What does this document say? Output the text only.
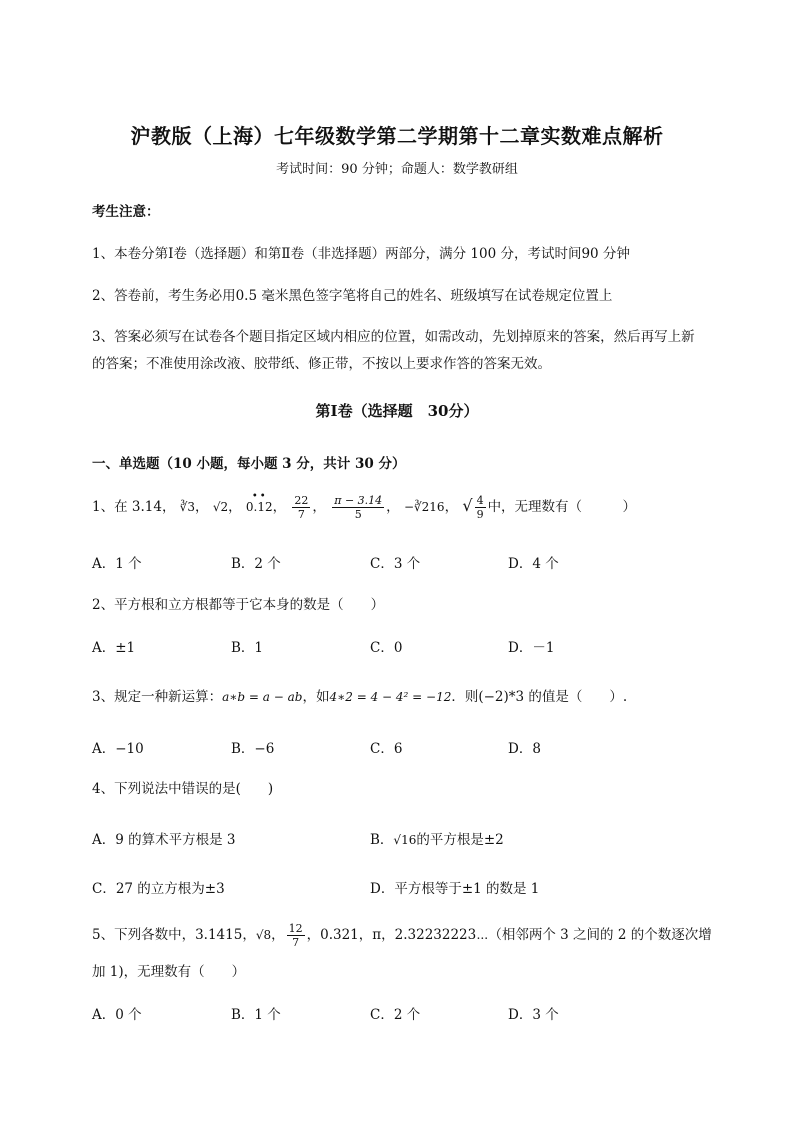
沪教版（上海）七年级数学第二学期第十二章实数难点解析
考试时间：90 分钟；命题人：数学教研组
考生注意：
1、本卷分第Ⅰ卷（选择题）和第Ⅱ卷（非选择题）两部分，满分 100 分，考试时间90 分钟
2、答卷前，考生务必用0.5 毫米黑色签字笔将自己的姓名、班级填写在试卷规定位置上
3、答案必须写在试卷各个题目指定区域内相应的位置，如需改动，先划掉原来的答案，然后再写上新
的答案；不准使用涂改液、胶带纸、修正带，不按以上要求作答的答案无效。
第Ⅰ卷（选择题　30分）
一、单选题（10 小题，每小题 3 分，共计 30 分）
1、在 3.14， ∛3， √2，
••
0.12， $\frac{22}{7}$ ， $\frac{\pi - 3.14}{5}$ ， −∛216， √ $\frac{4}{9}$ 中，无理数有（　　　）
A．1 个	B．2 个	C．3 个	D．4 个
2、平方根和立方根都等于它本身的数是（　　）
A．±1	B．1	C．0	D．－1
3、规定一种新运算：a∗b = a − ab，如4∗2 = 4 − 4² = −12．则(−2)*3 的值是（　　）.
A．−10	B．−6	C．6	D．8
4、下列说法中错误的是(　　)
A．9 的算术平方根是 3	B．√16的平方根是±2
C．27 的立方根为±3	D．平方根等于±1 的数是 1
5、下列各数中，3.1415，√8， $\frac{12}{7}$ ，0.321，π，2.32232223⋯（相邻两个 3 之间的 2 的个数逐次增
加 1)，无理数有（　　）
A．0 个	B．1 个	C．2 个	D．3 个
